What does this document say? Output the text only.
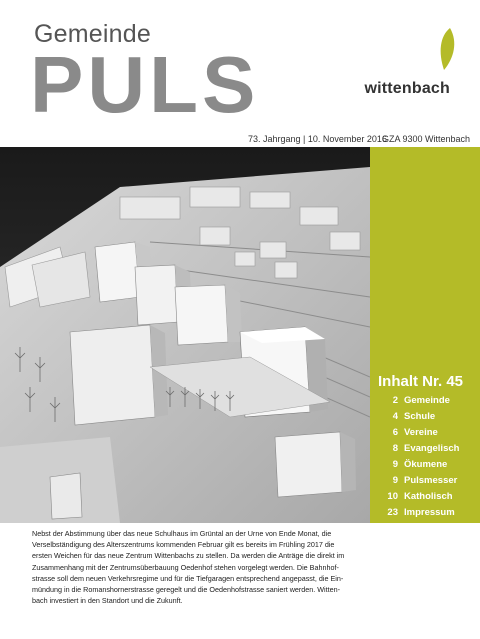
Gemeinde
PULS	wittenbach
73. Jahrgang | 10. November 2016
GZA 9300 Wittenbach
Inhalt Nr. 45
2 Gemeinde
4 Schule
6 Vereine
8 Evangelisch
9 Ökumene
9 Pulsmesser
10 Katholisch
23 Impressum
Nebst der Abstimmung über das neue Schulhaus im Grüntal an der Urne von Ende Monat, die
Verselbständigung des Alterszentrums kommenden Februar gilt es bereits im Frühling 2017 die
ersten Weichen für das neue Zentrum Wittenbachs zu stellen. Da werden die Anträge die direkt im
Zusammenhang mit der Zentrumsüberbauung Oedenhof stehen vorgelegt werden. Die Bahnhof-
strasse soll dem neuen Verkehrsregime und für die Tiefgaragen entsprechend angepasst, die Ein-
mündung in die Romanshornerstrasse geregelt und die Oedenhofstrasse saniert werden. Witten-
bach investiert in den Standort und die Zukunft.
